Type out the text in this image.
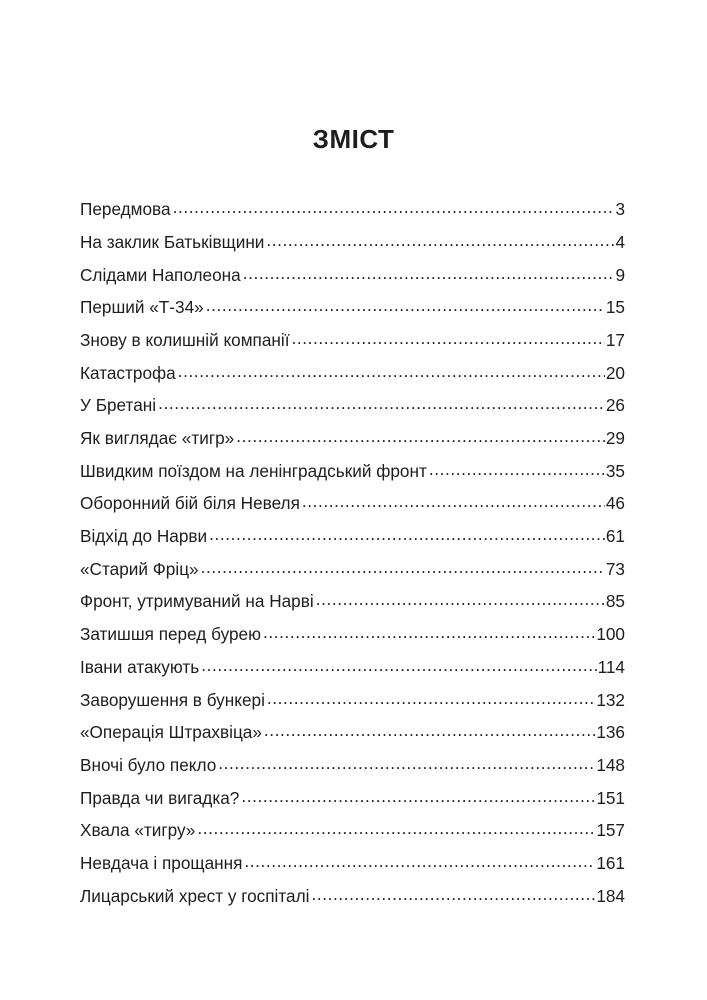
ЗМІСТ
Передмова .....	3
На заклик Батьківщини .....	4
Слідами Наполеона .....	9
Перший «Т-34» .....	15
Знову в колишній компанії .....	17
Катастрофа .....	20
У Бретані .....	26
Як виглядає «тигр» .....	29
Швидким поїздом на ленінградський фронт .....	35
Оборонний бій біля Невеля .....	46
Відхід до Нарви .....	61
«Старий Фріц» .....	73
Фронт, утримуваний на Нарві .....	85
Затишшя перед бурею .....	100
Івани атакують .....	114
Заворушення в бункері .....	132
«Операція Штрахвіца» .....	136
Вночі було пекло .....	148
Правда чи вигадка? .....	151
Хвала «тигру» .....	157
Невдача і прощання .....	161
Лицарський хрест у госпіталі .....	184
